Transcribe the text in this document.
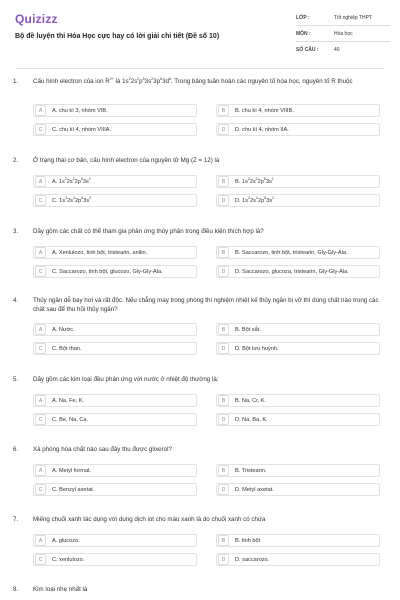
Quizizz
Bộ đề luyện thi Hóa Học cực hay có lời giải chi tiết (Đề số 10)
LỚP :	Tốt nghiệp THPT
MÔN :	Hóa học
SỐ CÂU :	40
1. Cấu hình electron của ion $R^{2+}$ là $1s^22s^2p^63s^23p^63d^6$. Trong bảng tuần hoàn các nguyên tố hóa học, nguyên tố R thuộc
A	A. chu kì 3, nhóm VIB.	B	B. chu kì 4, nhóm VIIIB.
C	C. chu kì 4, nhóm VIIIA.	D	D. chu kì 4, nhóm IIA.
2. Ở trạng thái cơ bản, cấu hình electron của nguyên tử Mg (Z = 12) là
A	A. $1s^22s^22p^63s^1$	B	B. $1s^22s^22p^63s^1$
C	C. $1s^22s^22p^63s^2$	D	D. $1s^22s^22p^63s^2$
3. Dãy gồm các chất có thể tham gia phản ứng thủy phân trong điều kiện thích hợp là?
A	A. Xenlulozo, tinh bột, tristearin, anilin.	B	B. Saccarozo, tinh bột, tristearin, Gly-Gly-Ala.
C	C. Saccarozo, tinh bột, glucozo, Gly-Gly-Ala.	D	D. Saccarozo, glucoza, tristearin, Gly-Gly-Ala.
4. Thủy ngân dễ bay hơi và rất độc. Nếu chẳng may trong phòng thí nghiệm nhiệt kế thủy ngân bị vỡ thì dùng chất nào trong các chất sau để thu hồi thủy ngân?
A	A. Nước.	B	B. Bột sắt.
C	C. Bột than.	D	D. Bột lưu huỳnh.
5. Dãy gồm các kim loại đều phản ứng với nước ở nhiệt độ thường là:
A	A. Na, Fe, K.	B	B. Na, Cr, K.
C	C. Be, Na, Ca.	D	D. Na, Ba, K.
6. Xà phòng hóa chất nào sau đây thu được glixerol?
A	A. Metyl format.	B	B. Tristearin.
C	C. Benzyl axetat.	D	D. Metyl axetat.
7. Miếng chuối xanh tác dụng với dung dịch iot cho màu xanh là do chuối xanh có chứa
A	A. glucozo.	B	B. tinh bột
C	C. xenlulozo.	D	D. saccarozo.
8. Kim loại nhẹ nhất là
